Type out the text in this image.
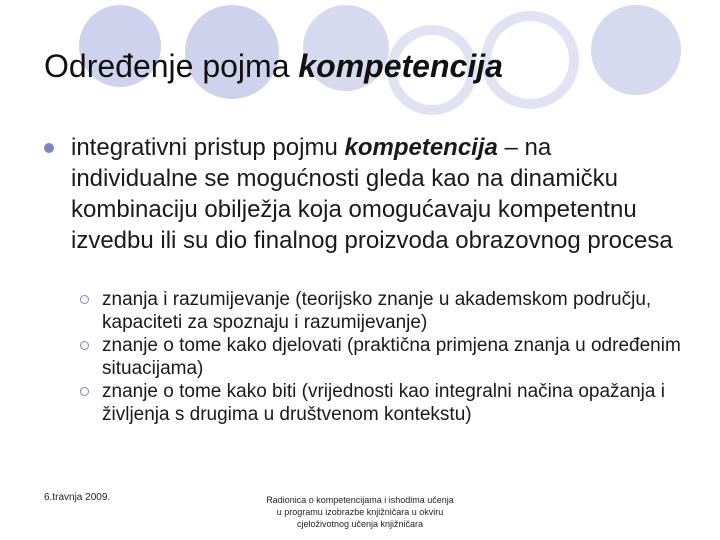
Određenje pojma kompetencija
integrativni pristup pojmu kompetencija – na individualne se mogućnosti gleda kao na dinamičku kombinaciju obilježja koja omogućavaju kompetentnu izvedbu ili su dio finalnog proizvoda obrazovnog procesa
znanja i razumijevanje (teorijsko znanje u akademskom području, kapaciteti za spoznaju i razumijevanje)
znanje o tome kako djelovati (praktična primjena znanja u određenim situacijama)
znanje o tome kako biti (vrijednosti kao integralni načina opažanja i življenja s drugima u društvenom kontekstu)
6.travnja 2009.	Radionica o kompetencijama i ishodima učenja
u programu izobrazbe knjižničara u okviru
cjeloživotnog učenja knjižničara
